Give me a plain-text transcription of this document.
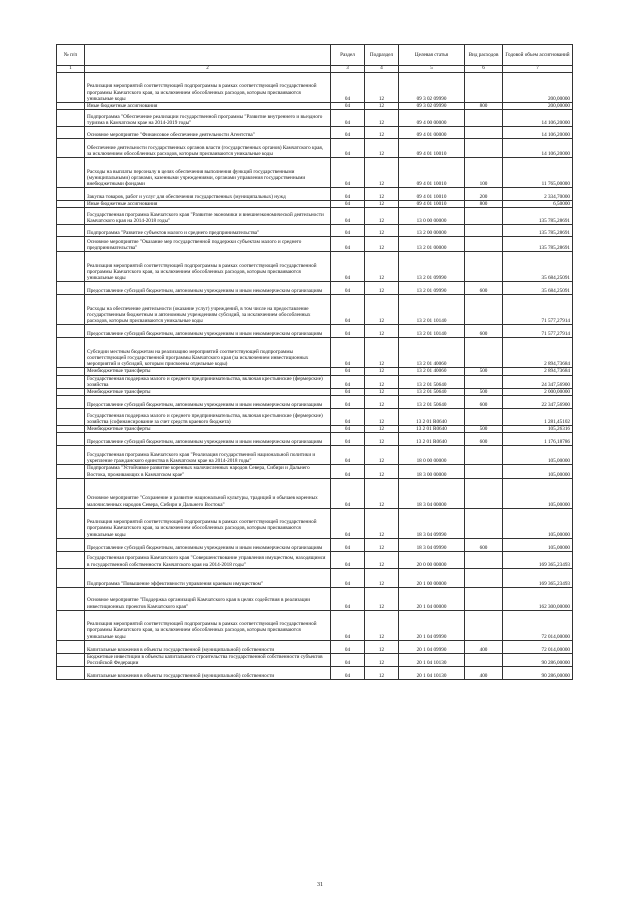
№ п/п		Раздел	Подраздел	Целевая статья	Вид расходов	Годовой объем ассигнований
1	2	3	4	5	6	7
	Реализация мероприятий соответствующей подпрограммы в рамках соответствующей государственной программы Камчатского края, за исключением обособленных расходов, которым присваиваются уникальные коды	04	12	09 3 02 09990		200,00000
	Иные бюджетные ассигнования	04	12	09 3 02 09990	800	200,00000
	Подпрограмма "Обеспечение реализации государственной программы "Развитие внутреннего и въездного туризма в Камчатском крае на 2014-2019 годы"	04	12	09 4 00 00000		14 106,20000
	Основное мероприятие "Финансовое обеспечение деятельности Агентства"	04	12	09 4 01 00000		14 106,20000
	Обеспечение деятельности государственных органов власти (государственных органов) Камчатского края, за исключением обособленных расходов, которым присваиваются уникальные коды	04	12	09 4 01 10010		14 106,20000
	Расходы на выплаты персоналу в целях обеспечения выполнения функций государственными (муниципальными) органами, казенными учреждениями, органами управления государственными внебюджетными фондами	04	12	09 4 01 10010	100	11 765,00000
	Закупка товаров, работ и услуг для обеспечения государственных (муниципальных) нужд	04	12	09 4 01 10010	200	2 334,70000
	Иные бюджетные ассигнования	04	12	09 4 01 10010	800	6,50000
	Государственная программа Камчатского края "Развитие экономики и внешнеэкономической деятельности Камчатского края на 2014-2018 годы"	04	12	13 0 00 00000		135 785,28691
	Подпрограмма "Развитие субъектов малого и среднего предпринимательства"	04	12	13 2 00 00000		135 785,28691
	Основное мероприятие "Оказание мер государственной поддержки субъектам малого и среднего предпринимательства"	04	12	13 2 01 00000		135 785,28691
	Реализация мероприятий соответствующей подпрограммы в рамках соответствующей государственной программы Камчатского края, за исключением обособленных расходов, которым присваиваются уникальные коды	04	12	13 2 01 09990		35 684,25091
	Предоставление субсидий бюджетным, автономным учреждениям и иным некоммерческим организациям	04	12	13 2 01 09990	600	35 684,25091
	Расходы на обеспечение деятельности (оказание услуг) учреждений, в том числе на предоставление государственным бюджетным и автономным учреждениям субсидий, за исключением обособленных расходов, которым присваиваются уникальные коды	04	12	13 2 01 10140		71 577,27914
	Предоставление субсидий бюджетным, автономным учреждениям и иным некоммерческим организациям	04	12	13 2 01 10140	600	71 577,27914
	Субсидии местным бюджетам на реализацию мероприятий соответствующей подпрограммы соответствующей государственной программы Камчатского края (за исключением инвестиционных мероприятий и субсидий, которым присвоены отдельные коды)	04	12	13 2 01 40060		2 894,73684
	Межбюджетные трансферты	04	12	13 2 01 40060	500	2 894,73684
	Государственная поддержка малого и среднего предпринимательства, включая крестьянские (фермерские) хозяйства	04	12	13 2 01 50640		24 347,56900
	Межбюджетные трансферты	04	12	13 2 01 50640	500	2 000,00000
	Предоставление субсидий бюджетным, автономным учреждениям и иным некоммерческим организациям	04	12	13 2 01 50640	600	22 347,56900
	Государственная поддержка малого и среднего предпринимательства, включая крестьянские (фермерские) хозяйства (софинансирование за счет средств краевого бюджета)	04	12	13 2 01 R0640		1 281,45102
	Межбюджетные трансферты	04	12	13 2 01 R0640	500	105,26316
	Предоставление субсидий бюджетным, автономным учреждениям и иным некоммерческим организациям	04	12	13 2 01 R0640	600	1 176,18786
	Государственная программа Камчатского края "Реализация государственной национальной политики и укрепление гражданского единства в Камчатском крае на 2014-2018 годы"	04	12	18 0 00 00000		105,00000
	Подпрограмма "Устойчивое развитие коренных малочисленных народов Севера, Сибири и Дальнего Востока, проживающих в Камчатском крае"	04	12	18 3 00 00000		105,00000
	Основное мероприятие "Сохранение и развитие национальной культуры, традиций и обычаев коренных малочисленных народов Севера, Сибири и Дальнего Востока"	04	12	18 3 04 00000		105,00000
	Реализация мероприятий соответствующей подпрограммы в рамках соответствующей государственной программы Камчатского края, за исключением обособленных расходов, которым присваиваются уникальные коды	04	12	18 3 04 09990		105,00000
	Предоставление субсидий бюджетным, автономным учреждениям и иным некоммерческим организациям	04	12	18 3 04 09990	600	105,00000
	Государственная программа Камчатского края "Совершенствование управления имуществом, находящимся в государственной собственности Камчатского края на 2014-2018 годы"	04	12	20 0 00 00000		169 365,23493
	Подпрограмма "Повышение эффективности управления краевым имуществом"	04	12	20 1 00 00000		169 365,23493
	Основное мероприятие "Поддержка организаций Камчатского края в целях содействия в реализации инвестиционных проектов Камчатского края"	04	12	20 1 04 00000		162 300,00000
	Реализация мероприятий соответствующей подпрограммы в рамках соответствующей государственной программы Камчатского края, за исключением обособленных расходов, которым присваиваются уникальные коды	04	12	20 1 04 09990		72 014,00000
	Капитальные вложения в объекты государственной (муниципальной) собственности	04	12	20 1 04 09990	400	72 014,00000
	Бюджетные инвестиции в объекты капитального строительства государственной собственности субъектов Российской Федерации	04	12	20 1 04 10130		90 286,00000
	Капитальные вложения в объекты государственной (муниципальной) собственности	04	12	20 1 04 10130	400	90 286,00000
31
